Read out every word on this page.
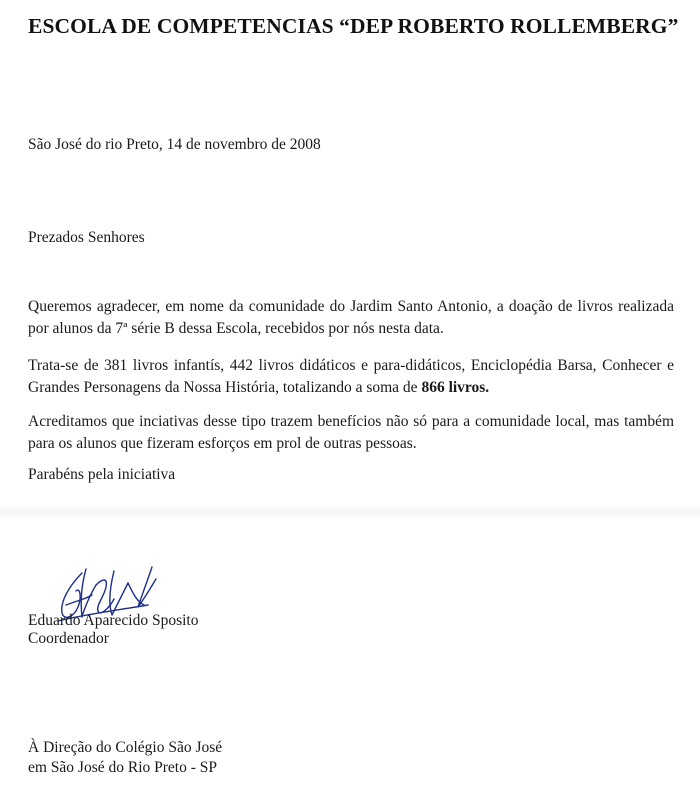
ESCOLA DE COMPETENCIAS “DEP ROBERTO ROLLEMBERG”
São José do rio Preto, 14 de novembro de 2008
Prezados Senhores
Queremos agradecer, em nome da comunidade do Jardim Santo Antonio, a doação de livros realizada por alunos da 7ª série B dessa Escola, recebidos por nós nesta data.
Trata-se de 381 livros infantís, 442 livros didáticos e para-didáticos, Enciclopédia Barsa, Conhecer e Grandes Personagens da Nossa História, totalizando a soma de 866 livros.
Acreditamos que inciativas desse tipo trazem benefícios não só para a comunidade local, mas também para os alunos que fizeram esforços em prol de outras pessoas.
Parabéns pela iniciativa
Eduardo Aparecido Sposito
Coordenador
À Direção do Colégio São José
em São José do Rio Preto - SP
